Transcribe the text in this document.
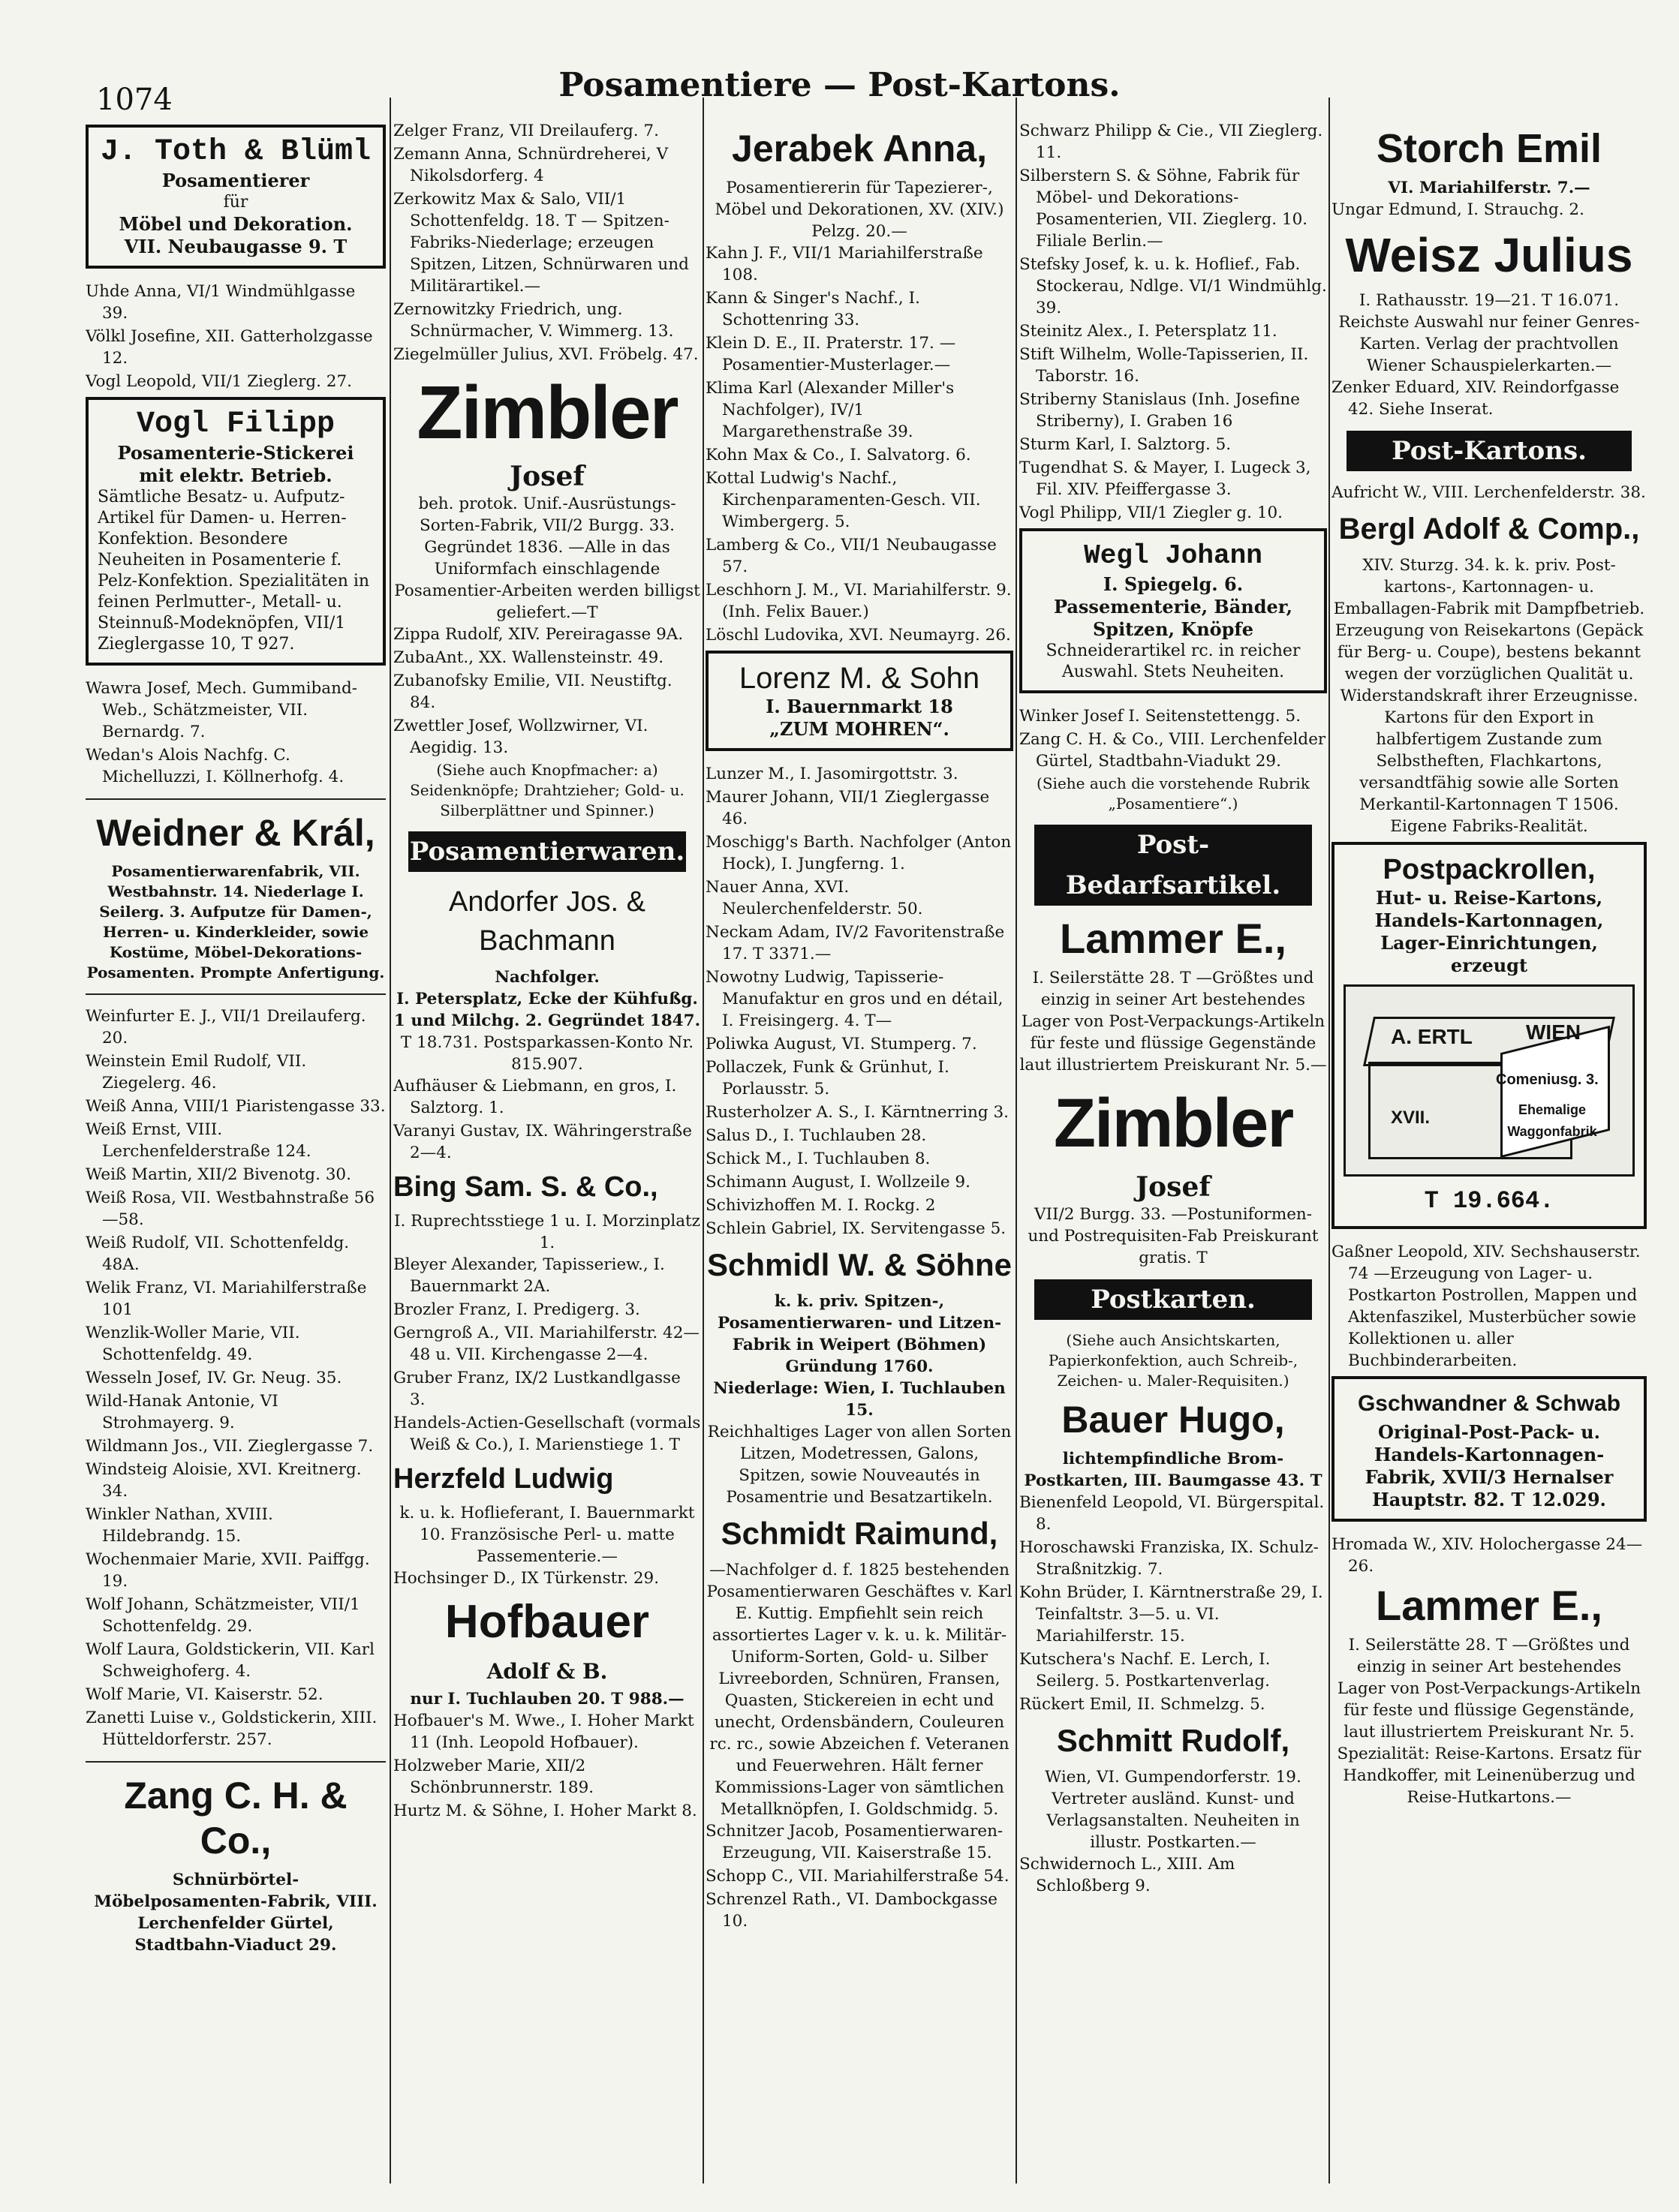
1074	Posamentiere — Post-Kartons.
J. Toth & Blüml
Posamentierer
für
Möbel und Dekoration.
VII. Neubaugasse 9. T
Uhde Anna, VI/1 Windmühlgasse 39.
Völkl Josefine, XII. Gatterholzgasse 12.
Vogl Leopold, VII/1 Zieglerg. 27.
Vogl Filipp
Posamenterie-Stickerei mit elektr. Betrieb.
Sämtliche Besatz- u. Aufputz-Artikel für Damen- u. Herren-Konfektion. Besondere Neuheiten in Posamenterie f. Pelz-Konfektion. Spezialitäten in feinen Perlmutter-, Metall- u. Steinnuß-Modeknöpfen, VII/1 Zieglergasse 10, T 927.
Wawra Josef, Mech. Gummiband-Web., Schätzmeister, VII. Bernardg. 7.
Wedan's Alois Nachfg. C. Michelluzzi, I. Köllnerhofg. 4.
Weidner & Král,
Posamentierwarenfabrik, VII. Westbahnstr. 14. Niederlage I. Seilerg. 3. Aufputze für Damen-, Herren- u. Kinderkleider, sowie Kostüme, Möbel-Dekorations-Posamenten. Prompte Anfertigung.
Weinfurter E. J., VII/1 Dreilauferg. 20.
Weinstein Emil Rudolf, VII. Ziegelerg. 46.
Weiß Anna, VIII/1 Piaristengasse 33.
Weiß Ernst, VIII. Lerchenfelderstraße 124.
Weiß Martin, XII/2 Bivenotg. 30.
Weiß Rosa, VII. Westbahnstraße 56—58.
Weiß Rudolf, VII. Schottenfeldg. 48A.
Welik Franz, VI. Mariahilferstraße 101
Wenzlik-Woller Marie, VII. Schottenfeldg. 49.
Wesseln Josef, IV. Gr. Neug. 35.
Wild-Hanak Antonie, VI Strohmayerg. 9.
Wildmann Jos., VII. Zieglergasse 7.
Windsteig Aloisie, XVI. Kreitnerg. 34.
Winkler Nathan, XVIII. Hildebrandg. 15.
Wochenmaier Marie, XVII. Paiffgg. 19.
Wolf Johann, Schätzmeister, VII/1 Schottenfeldg. 29.
Wolf Laura, Goldstickerin, VII. Karl Schweighoferg. 4.
Wolf Marie, VI. Kaiserstr. 52.
Zanetti Luise v., Goldstickerin, XIII. Hütteldorferstr. 257.
Zang C. H. & Co.,
Schnürbörtel- Möbelposamenten-Fabrik, VIII. Lerchenfelder Gürtel, Stadtbahn-Viaduct 29.
Zelger Franz, VII Dreilauferg. 7.
Zemann Anna, Schnürdreherei, V Nikolsdorferg. 4
Zerkowitz Max & Salo, VII/1 Schottenfeldg. 18. T — Spitzen-Fabriks-Niederlage; erzeugen Spitzen, Litzen, Schnürwaren und Militärartikel.—
Zernowitzky Friedrich, ung. Schnürmacher, V. Wimmerg. 13.
Ziegelmüller Julius, XVI. Fröbelg. 47.
Zimbler
Josef
beh. protok. Unif.-Ausrüstungs-Sorten-Fabrik, VII/2 Burgg. 33. Gegründet 1836. —Alle in das Uniformfach einschlagende Posamentier-Arbeiten werden billigst geliefert.—T
Zippa Rudolf, XIV. Pereiragasse 9A.
ZubaAnt., XX. Wallensteinstr. 49.
Zubanofsky Emilie, VII. Neustiftg. 84.
Zwettler Josef, Wollzwirner, VI. Aegidig. 13.
(Siehe auch Knopfmacher: a) Seidenknöpfe; Drahtzieher; Gold- u. Silberplättner und Spinner.)
Posamentierwaren.
Andorfer Jos. & Bachmann
Nachfolger.
I. Petersplatz, Ecke der Kühfußg. 1 und Milchg. 2. Gegründet 1847.
T 18.731. Postsparkassen-Konto Nr. 815.907.
Aufhäuser & Liebmann, en gros, I. Salztorg. 1.
Varanyi Gustav, IX. Währingerstraße 2—4.
Bing Sam. S. & Co.,
I. Ruprechtsstiege 1 u. I. Morzinplatz 1.
Bleyer Alexander, Tapisseriew., I. Bauernmarkt 2A.
Brozler Franz, I. Predigerg. 3.
Gerngroß A., VII. Mariahilferstr. 42—48 u. VII. Kirchengasse 2—4.
Gruber Franz, IX/2 Lustkandlgasse 3.
Handels-Actien-Gesellschaft (vormals Weiß & Co.), I. Marienstiege 1. T
Herzfeld Ludwig
k. u. k. Hoflieferant, I. Bauernmarkt 10. Französische Perl- u. matte Passementerie.—
Hochsinger D., IX Türkenstr. 29.
Hofbauer
Adolf & B.
nur I. Tuchlauben 20. T 988.—
Hofbauer's M. Wwe., I. Hoher Markt 11 (Inh. Leopold Hofbauer).
Holzweber Marie, XII/2 Schönbrunnerstr. 189.
Hurtz M. & Söhne, I. Hoher Markt 8.
Jerabek Anna,
Posamentiererin für Tapezierer-, Möbel und Dekorationen, XV. (XIV.) Pelzg. 20.—
Kahn J. F., VII/1 Mariahilferstraße 108.
Kann & Singer's Nachf., I. Schottenring 33.
Klein D. E., II. Praterstr. 17. —Posamentier-Musterlager.—
Klima Karl (Alexander Miller's Nachfolger), IV/1 Margarethenstraße 39.
Kohn Max & Co., I. Salvatorg. 6.
Kottal Ludwig's Nachf., Kirchenparamenten-Gesch. VII. Wimbergerg. 5.
Lamberg & Co., VII/1 Neubaugasse 57.
Leschhorn J. M., VI. Mariahilferstr. 9. (Inh. Felix Bauer.)
Löschl Ludovika, XVI. Neumayrg. 26.
Lorenz M. & Sohn
I. Bauernmarkt 18
„ZUM MOHREN“.
Lunzer M., I. Jasomirgottstr. 3.
Maurer Johann, VII/1 Zieglergasse 46.
Moschigg's Barth. Nachfolger (Anton Hock), I. Jungferng. 1.
Nauer Anna, XVI. Neulerchenfelderstr. 50.
Neckam Adam, IV/2 Favoritenstraße 17. T 3371.—
Nowotny Ludwig, Tapisserie-Manufaktur en gros und en détail, I. Freisingerg. 4. T—
Poliwka August, VI. Stumperg. 7.
Pollaczek, Funk & Grünhut, I. Porlausstr. 5.
Rusterholzer A. S., I. Kärntnerring 3.
Salus D., I. Tuchlauben 28.
Schick M., I. Tuchlauben 8.
Schimann August, I. Wollzeile 9.
Schivizhoffen M. I. Rockg. 2
Schlein Gabriel, IX. Servitengasse 5.
Schmidl W. & Söhne
k. k. priv. Spitzen-, Posamentierwaren- und Litzen-Fabrik in Weipert (Böhmen) Gründung 1760.
Niederlage: Wien, I. Tuchlauben 15.
Reichhaltiges Lager von allen Sorten Litzen, Modetressen, Galons, Spitzen, sowie Nouveautés in Posamentrie und Besatzartikeln.
Schmidt Raimund,
—Nachfolger d. f. 1825 bestehenden Posamentierwaren Geschäftes v. Karl E. Kuttig. Empfiehlt sein reich assortiertes Lager v. k. u. k. Militär-Uniform-Sorten, Gold- u. Silber Livreeborden, Schnüren, Fransen, Quasten, Stickereien in echt und unecht, Ordensbändern, Couleuren rc. rc., sowie Abzeichen f. Veteranen und Feuerwehren. Hält ferner Kommissions-Lager von sämtlichen Metallknöpfen, I. Goldschmidg. 5.
Schnitzer Jacob, Posamentierwaren-Erzeugung, VII. Kaiserstraße 15.
Schopp C., VII. Mariahilferstraße 54.
Schrenzel Rath., VI. Dambockgasse 10.
Schwarz Philipp & Cie., VII Zieglerg. 11.
Silberstern S. & Söhne, Fabrik für Möbel- und Dekorations-Posamenterien, VII. Zieglerg. 10. Filiale Berlin.—
Stefsky Josef, k. u. k. Hoflief., Fab. Stockerau, Ndlge. VI/1 Windmühlg. 39.
Steinitz Alex., I. Petersplatz 11.
Stift Wilhelm, Wolle-Tapisserien, II. Taborstr. 16.
Striberny Stanislaus (Inh. Josefine Striberny), I. Graben 16
Sturm Karl, I. Salztorg. 5.
Tugendhat S. & Mayer, I. Lugeck 3, Fil. XIV. Pfeiffergasse 3.
Vogl Philipp, VII/1 Ziegler g. 10.
Wegl Johann
I. Spiegelg. 6. Passementerie, Bänder, Spitzen, Knöpfe
Schneiderartikel rc. in reicher Auswahl. Stets Neuheiten.
Winker Josef I. Seitenstettengg. 5.
Zang C. H. & Co., VIII. Lerchenfelder Gürtel, Stadtbahn-Viadukt 29.
(Siehe auch die vorstehende Rubrik „Posamentiere“.)
Post-Bedarfsartikel.
Lammer E.,
I. Seilerstätte 28. T —Größtes und einzig in seiner Art bestehendes Lager von Post-Verpackungs-Artikeln für feste und flüssige Gegenstände laut illustriertem Preiskurant Nr. 5.—
Zimbler
Josef
VII/2 Burgg. 33. —Postuniformen- und Postrequisiten-Fab Preiskurant gratis. T
Postkarten.
(Siehe auch Ansichtskarten, Papierkonfektion, auch Schreib-, Zeichen- u. Maler-Requisiten.)
Bauer Hugo,
lichtempfindliche Brom-Postkarten, III. Baumgasse 43. T
Bienenfeld Leopold, VI. Bürgerspital. 8.
Horoschawski Franziska, IX. Schulz-Straßnitzkig. 7.
Kohn Brüder, I. Kärntnerstraße 29, I. Teinfaltstr. 3—5. u. VI. Mariahilferstr. 15.
Kutschera's Nachf. E. Lerch, I. Seilerg. 5. Postkartenverlag.
Rückert Emil, II. Schmelzg. 5.
Schmitt Rudolf,
Wien, VI. Gumpendorferstr. 19. Vertreter ausländ. Kunst- und Verlagsanstalten. Neuheiten in illustr. Postkarten.—
Schwidernoch L., XIII. Am Schloßberg 9.
Storch Emil
VI. Mariahilferstr. 7.—
Ungar Edmund, I. Strauchg. 2.
Weisz Julius
I. Rathausstr. 19—21. T 16.071. Reichste Auswahl nur feiner Genres-Karten. Verlag der prachtvollen Wiener Schauspielerkarten.—
Zenker Eduard, XIV. Reindorfgasse 42. Siehe Inserat.
Post-Kartons.
Aufricht W., VIII. Lerchenfelderstr. 38.
Bergl Adolf & Comp.,
XIV. Sturzg. 34. k. k. priv. Post-kartons-, Kartonnagen- u. Emballagen-Fabrik mit Dampfbetrieb. Erzeugung von Reisekartons (Gepäck für Berg- u. Coupe), bestens bekannt wegen der vorzüglichen Qualität u. Widerstandskraft ihrer Erzeugnisse. Kartons für den Export in halbfertigem Zustande zum Selbstheften, Flachkartons, versandtfähig sowie alle Sorten Merkantil-Kartonnagen T 1506. Eigene Fabriks-Realität.
Postpackrollen,
Hut- u. Reise-Kartons, Handels-Kartonnagen, Lager-Einrichtungen, erzeugt
A. ERTL	WIEN
XVII.
Comeniusg. 3.
Ehemalige Waggonfabrik
T 19.664.
Gaßner Leopold, XIV. Sechshauserstr. 74 —Erzeugung von Lager- u. Postkarton Postrollen, Mappen und Aktenfaszikel, Musterbücher sowie Kollektionen u. aller Buchbinderarbeiten.
Gschwandner & Schwab
Original-Post-Pack- u. Handels-Kartonnagen-Fabrik, XVII/3 Hernalser Hauptstr. 82. T 12.029.
Hromada W., XIV. Holochergasse 24—26.
Lammer E.,
I. Seilerstätte 28. T —Größtes und einzig in seiner Art bestehendes Lager von Post-Verpackungs-Artikeln für feste und flüssige Gegenstände, laut illustriertem Preiskurant Nr. 5. Spezialität: Reise-Kartons. Ersatz für Handkoffer, mit Leinenüberzug und Reise-Hutkartons.—
